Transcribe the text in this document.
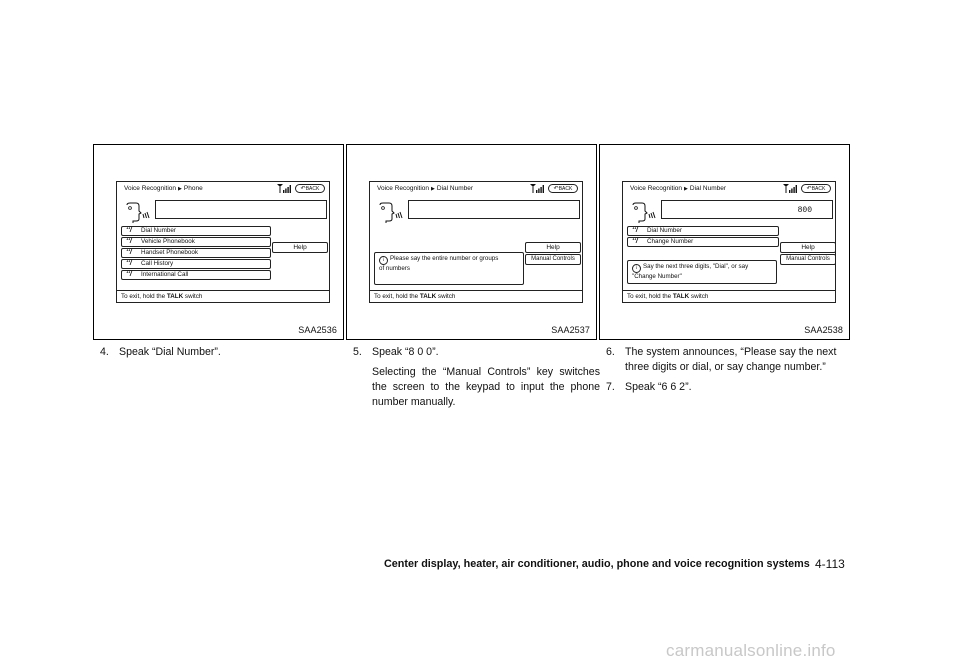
Voice Recognition ▶ Phone	↶BACK
ʻʻ/ Dial Number
ʻʻ/ Vehicle Phonebook
ʻʻ/ Handset Phonebook
ʻʻ/ Call History
ʻʻ/ International Call
Help
To exit, hold the TALK switch
SAA2536
Voice Recognition ▶ Dial Number	↶BACK
i Please say the entire number or groups
of numbers
Help
Manual Controls
To exit, hold the TALK switch
SAA2537
Voice Recognition ▶ Dial Number	↶BACK
800
ʻʻ/ Dial Number
ʻʻ/ Change Number
i Say the next three digits, "Dial", or say
"Change Number"
Help
Manual Controls
To exit, hold the TALK switch
SAA2538
4. Speak “Dial Number”.	5. Speak “8 0 0”.
Selecting the “Manual Controls” key switches the screen to the keypad to input the phone number manually.
6. The system announces, “Please say the next three digits or dial, or say change number.”
7. Speak “6 6 2”.
Center display, heater, air conditioner, audio, phone and voice recognition systems 4-113
carmanualsonline.info
